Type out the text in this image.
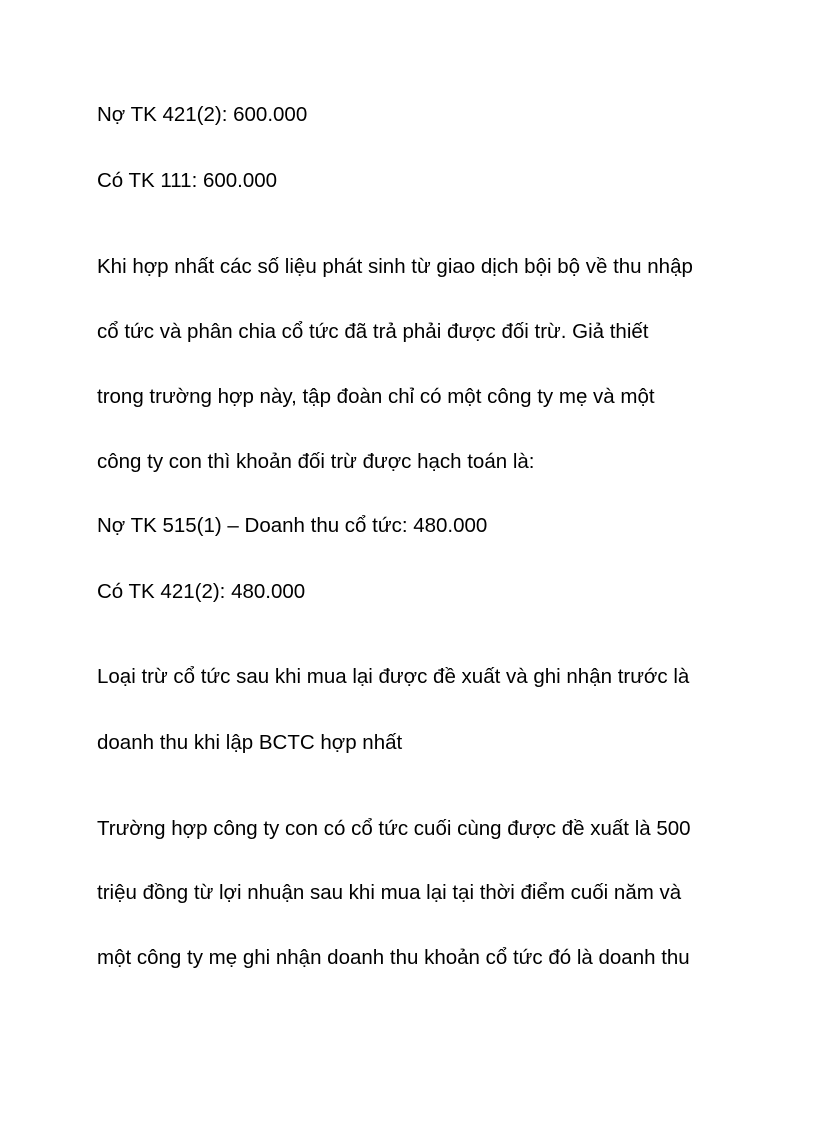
Nợ TK 421(2): 600.000

Có TK 111: 600.000

Khi hợp nhất các số liệu phát sinh từ giao dịch bội bộ về thu nhập

cổ tức và phân chia cổ tức đã trả phải được đối trừ. Giả thiết

trong trường hợp này, tập đoàn chỉ có một công ty mẹ và một

công ty con thì khoản đối trừ được hạch toán là:

Nợ TK 515(1) – Doanh thu cổ tức: 480.000

Có TK 421(2): 480.000

Loại trừ cổ tức sau khi mua lại được đề xuất và ghi nhận trước là

doanh thu khi lập BCTC hợp nhất

Trường hợp công ty con có cổ tức cuối cùng được đề xuất là 500

triệu đồng từ lợi nhuận sau khi mua lại tại thời điểm cuối năm và

một công ty mẹ ghi nhận doanh thu khoản cổ tức đó là doanh thu
